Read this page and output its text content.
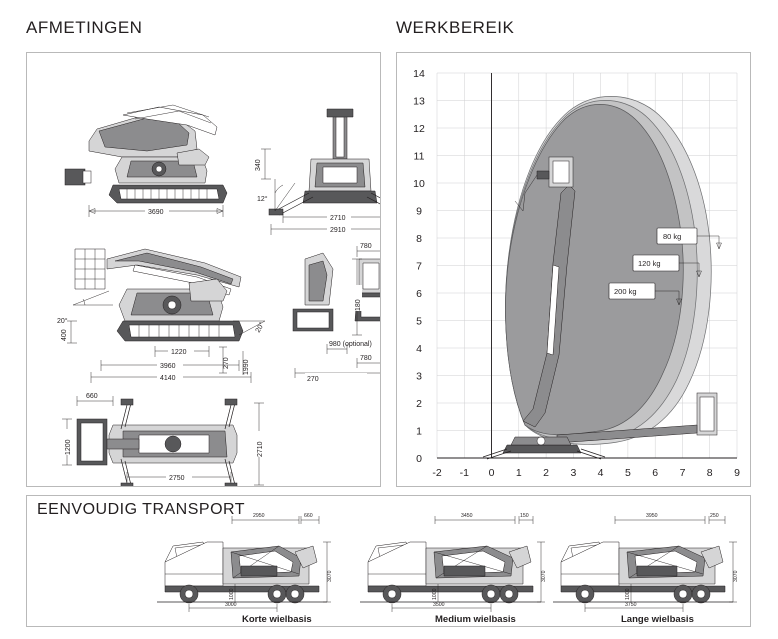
AFMETINGEN	WERKBEREIK
3690
12°
340
2710
2910
20°	20°
400
1220
270
3960
4140
780
180
980 (optional)
780
270
660
1200	2710
2750
1990
80 kg
120 kg
200 kg
0
1
2
3
4
5
6
7
8
9
10
11
12
13
14
-2 -1 0 1 2 3 4 5 6 7 8 9
EENVOUDIG TRANSPORT 2950	660
3070
1000
3000
Korte wielbasis
3450	150
3070
1000
3500
Medium wielbasis
3950	250
3070
1000
3750
Lange wielbasis
